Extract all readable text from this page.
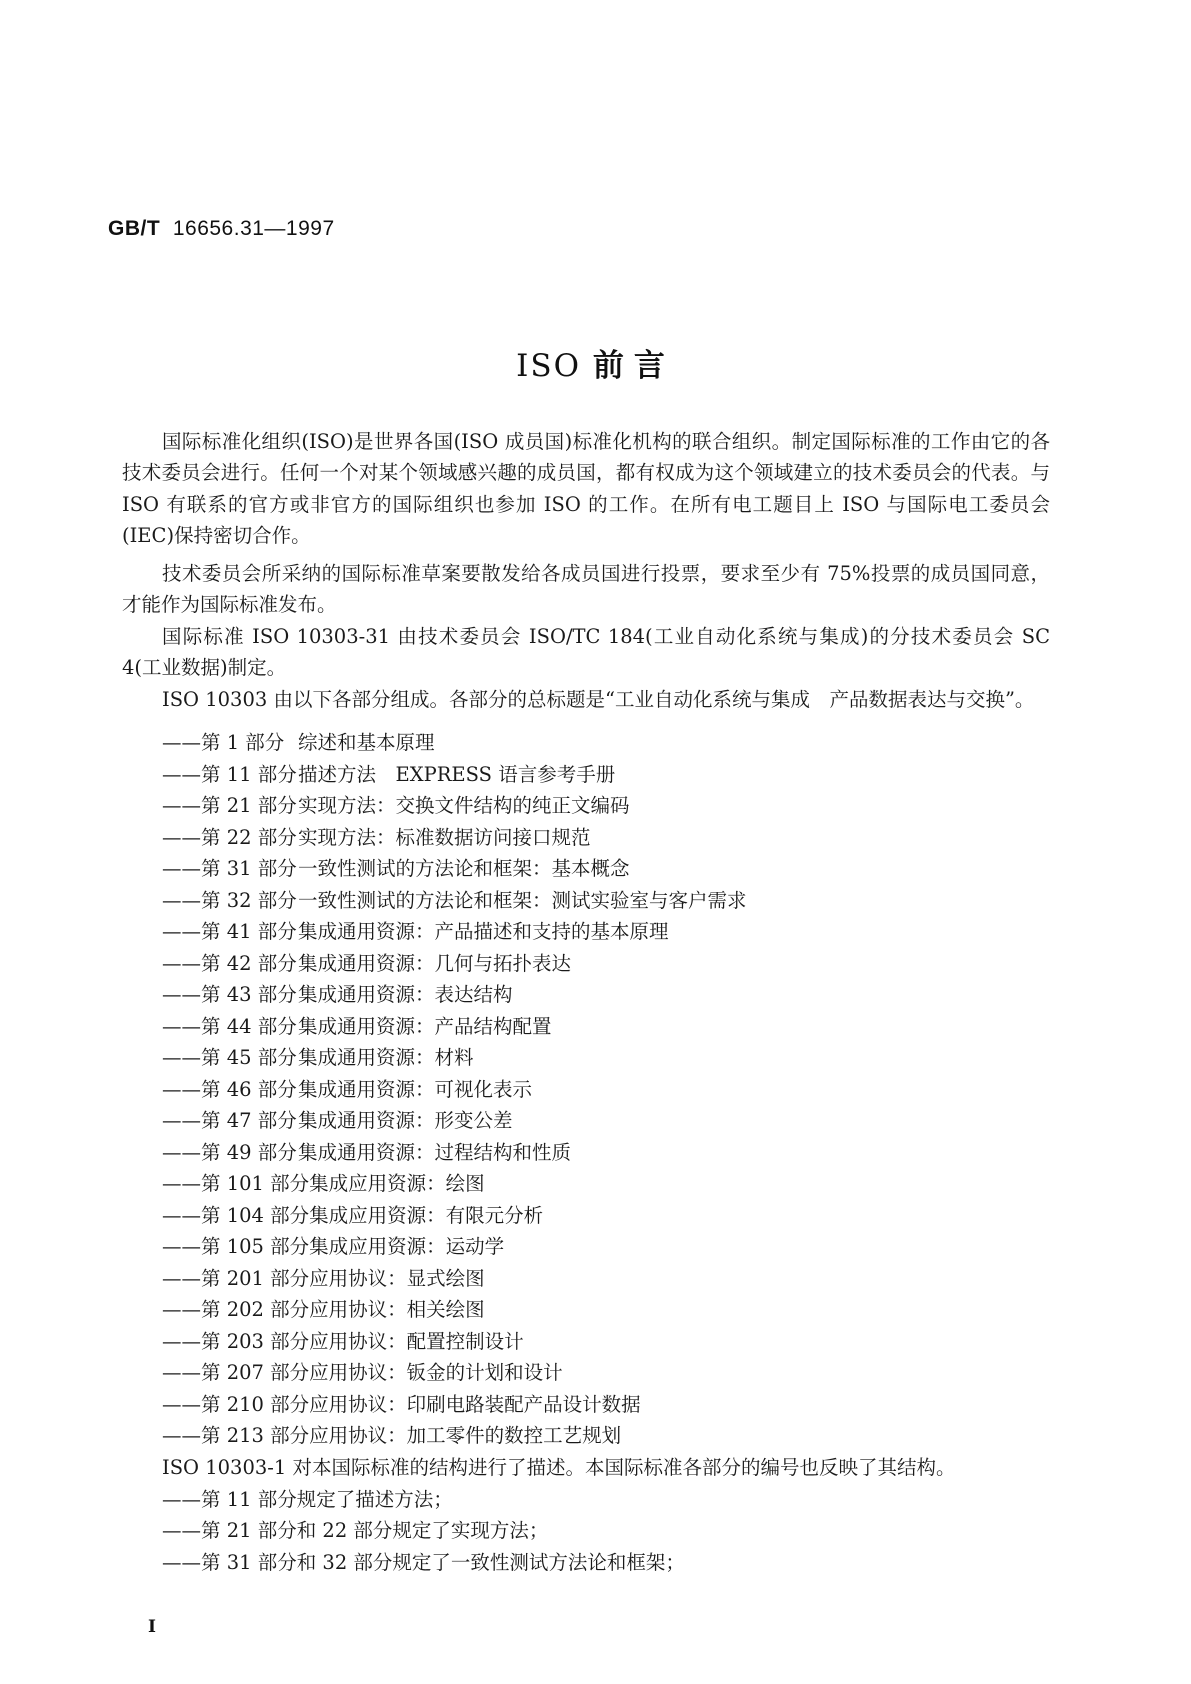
GB/T 16656.31—1997
ISO 前言

国际标准化组织(ISO)是世界各国(ISO 成员国)标准化机构的联合组织。制定国际标准的工作由它的各技术委员会进行。任何一个对某个领域感兴趣的成员国，都有权成为这个领域建立的技术委员会的代表。与 ISO 有联系的官方或非官方的国际组织也参加 ISO 的工作。在所有电工题目上 ISO 与国际电工委员会(IEC)保持密切合作。

技术委员会所采纳的国际标准草案要散发给各成员国进行投票，要求至少有 75%投票的成员国同意，才能作为国际标准发布。

国际标准 ISO 10303-31 由技术委员会 ISO/TC 184(工业自动化系统与集成)的分技术委员会 SC 4(工业数据)制定。

ISO 10303 由以下各部分组成。各部分的总标题是“工业自动化系统与集成　产品数据表达与交换”。

——第 1 部分 综述和基本原理
——第 11 部分描述方法　EXPRESS 语言参考手册
——第 21 部分实现方法：交换文件结构的纯正文编码
——第 22 部分实现方法：标准数据访问接口规范
——第 31 部分一致性测试的方法论和框架：基本概念
——第 32 部分一致性测试的方法论和框架：测试实验室与客户需求
——第 41 部分集成通用资源：产品描述和支持的基本原理
——第 42 部分集成通用资源：几何与拓扑表达
——第 43 部分集成通用资源：表达结构
——第 44 部分集成通用资源：产品结构配置
——第 45 部分集成通用资源：材料
——第 46 部分集成通用资源：可视化表示
——第 47 部分集成通用资源：形变公差
——第 49 部分集成通用资源：过程结构和性质
——第 101 部分集成应用资源：绘图
——第 104 部分集成应用资源：有限元分析
——第 105 部分集成应用资源：运动学
——第 201 部分应用协议：显式绘图
——第 202 部分应用协议：相关绘图
——第 203 部分应用协议：配置控制设计
——第 207 部分应用协议：钣金的计划和设计
——第 210 部分应用协议：印刷电路装配产品设计数据
——第 213 部分应用协议：加工零件的数控工艺规划
ISO 10303-1 对本国际标准的结构进行了描述。本国际标准各部分的编号也反映了其结构。
——第 11 部分规定了描述方法；
——第 21 部分和 22 部分规定了实现方法；
——第 31 部分和 32 部分规定了一致性测试方法论和框架；
I
